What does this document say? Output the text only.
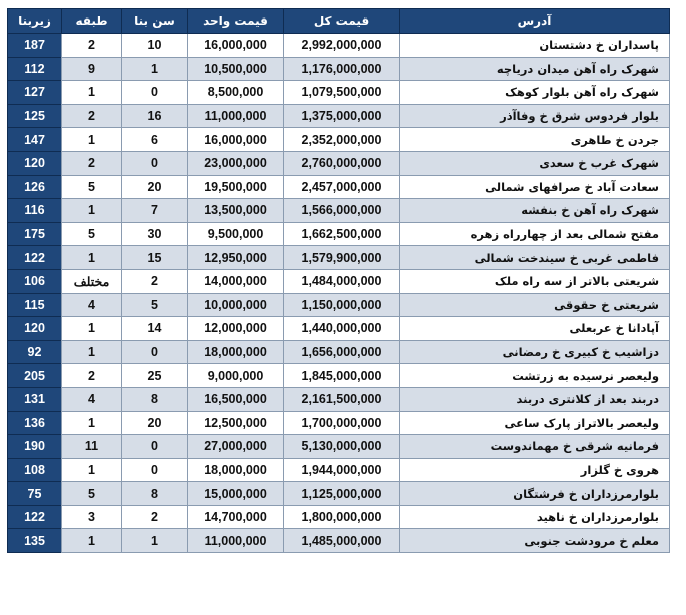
آدرس	قیمت کل	قیمت واحد	سن بنا	طبقه	زیربنا
پاسداران خ دشتستان	2,992,000,000	16,000,000	10	2	187
شهرک راه آهن میدان دریاچه	1,176,000,000	10,500,000	1	9	112
شهرک راه آهن بلوار کوهک	1,079,500,000	8,500,000	0	1	127
بلوار فردوس شرق خ وفاآذر	1,375,000,000	11,000,000	16	2	125
جردن خ طاهری	2,352,000,000	16,000,000	6	1	147
شهرک غرب خ سعدی	2,760,000,000	23,000,000	0	2	120
سعادت آباد خ صرافهای شمالی	2,457,000,000	19,500,000	20	5	126
شهرک راه آهن خ بنفشه	1,566,000,000	13,500,000	7	1	116
مفتح شمالی بعد از چهارراه زهره	1,662,500,000	9,500,000	30	5	175
فاطمی غربی خ سیندخت شمالی	1,579,900,000	12,950,000	15	1	122
شریعتی بالاتر از سه راه ملک	1,484,000,000	14,000,000	2	مختلف	106
شریعتی خ حقوقی	1,150,000,000	10,000,000	5	4	115
آپادانا خ عربعلی	1,440,000,000	12,000,000	14	1	120
دزاشیب خ کبیری خ رمضانی	1,656,000,000	18,000,000	0	1	92
ولیعصر نرسیده به زرتشت	1,845,000,000	9,000,000	25	2	205
دربند بعد از کلانتری دربند	2,161,500,000	16,500,000	8	4	131
ولیعصر بالاتراز پارک ساعی	1,700,000,000	12,500,000	20	1	136
فرمانیه شرقی خ مهماندوست	5,130,000,000	27,000,000	0	11	190
هروی خ گلزار	1,944,000,000	18,000,000	0	1	108
بلوارمرزداران خ فرشتگان	1,125,000,000	15,000,000	8	5	75
بلوارمرزداران خ ناهید	1,800,000,000	14,700,000	2	3	122
معلم خ مرودشت جنوبی	1,485,000,000	11,000,000	1	1	135
